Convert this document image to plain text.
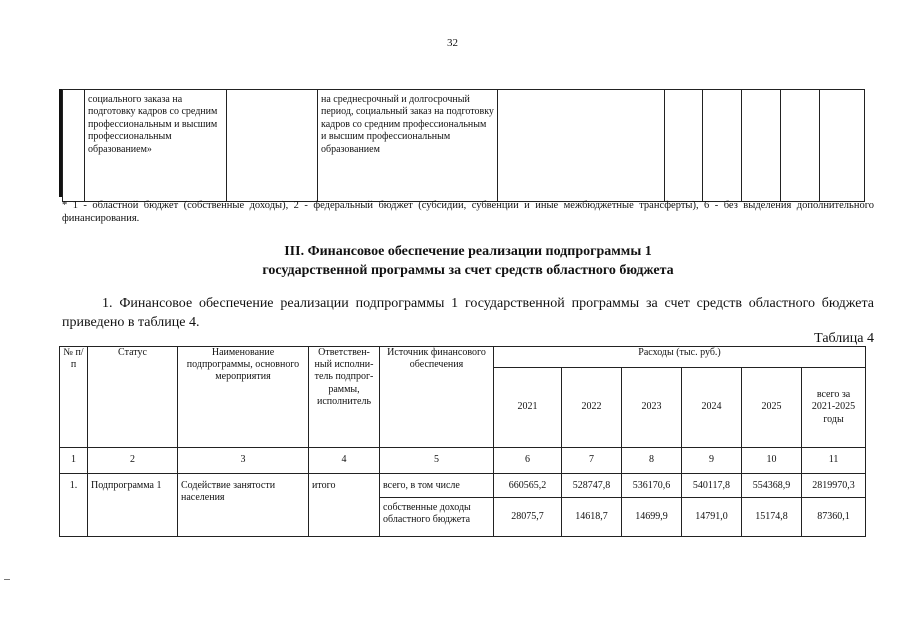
32
	социального заказа на подготовку кадров со средним профессиональным и высшим профессиональным образованием»		на среднесрочный и долгосрочный период, социальный заказ на подготовку кадров со средним профессиональным и высшим профессиональным образованием						
* 1 - областной бюджет (собственные доходы), 2 - федеральный бюджет (субсидии, субвенции и иные межбюджетные трансферты), 6 - без выделения дополнительного финансирования.
III. Финансовое обеспечение реализации подпрограммы 1
государственной программы за счет средств областного бюджета
1. Финансовое обеспечение реализации подпрограммы 1 государственной программы за счет средств областного бюджета приведено в таблице 4.
Таблица 4
№ п/п	Статус	Наименование подпрограммы, основного мероприятия	Ответствен-ный исполни-тель подпрог-раммы, исполнитель	Источник финансового обеспечения	Расходы (тыс. руб.)					
					2021	2022	2023	2024	2025	всего за 2021-2025 годы
1	2	3	4	5	6	7	8	9	10	11
1.	Подпрограмма 1	Содействие занятости населения	итого	всего, в том числе	660565,2	528747,8	536170,6	540117,8	554368,9	2819970,3
				собственные доходы областного бюджета	28075,7	14618,7	14699,9	14791,0	15174,8	87360,1
